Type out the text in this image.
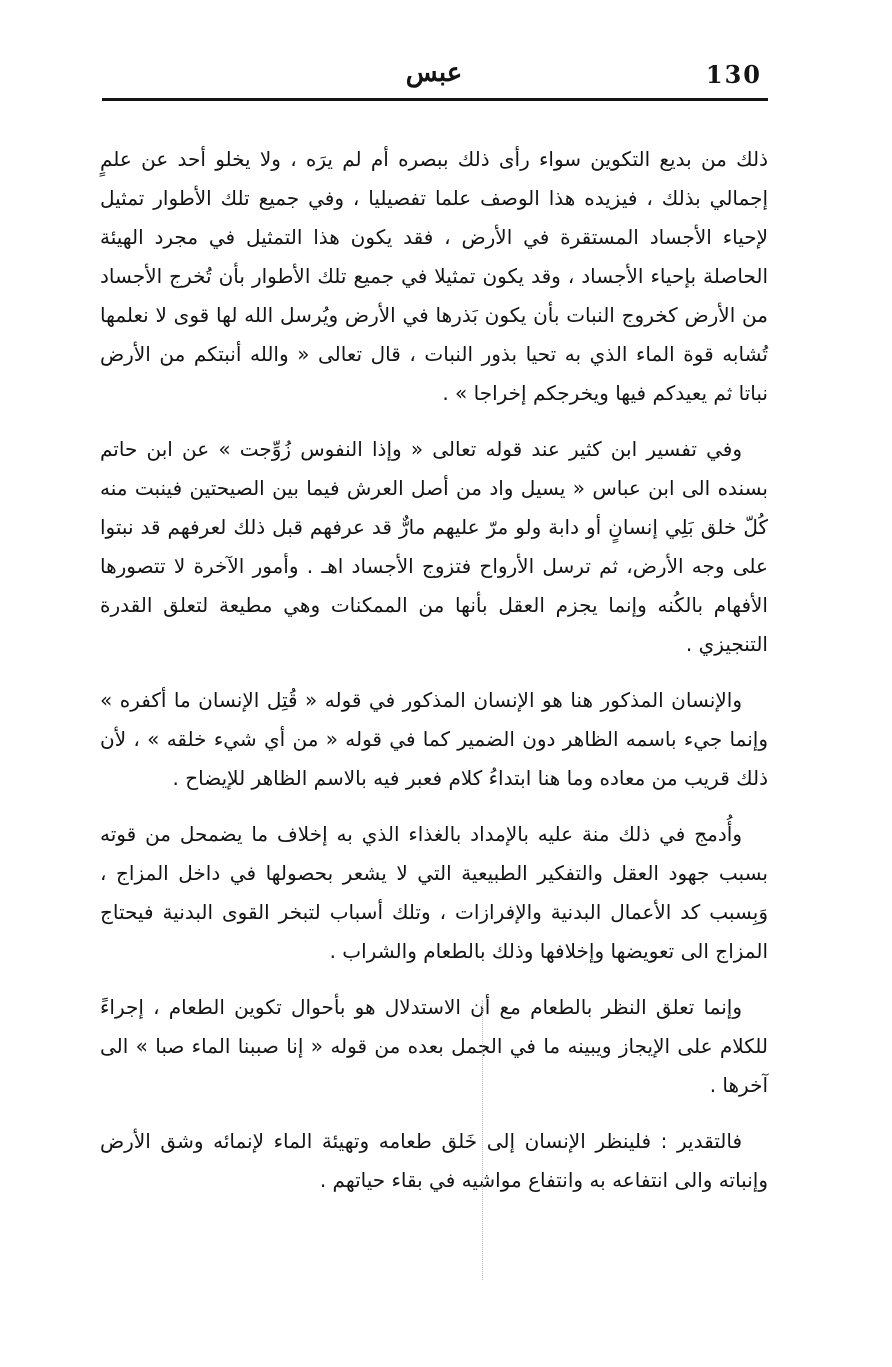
عبس	130

ذلك من بديع التكوين سواء رأى ذلك ببصره أم لم يرَه ، ولا يخلو أحد عن علمٍ إجمالي بذلك ، فيزيده هذا الوصف علما تفصيليا ، وفي جميع تلك الأطوار تمثيل لإحياء الأجساد المستقرة في الأرض ، فقد يكون هذا التمثيل في مجرد الهيئة الحاصلة بإحياء الأجساد ، وقد يكون تمثيلا في جميع تلك الأطوار بأن تُخرج الأجساد من الأرض كخروج النبات بأن يكون بَذرها في الأرض ويُرسل الله لها قوى لا نعلمها تُشابه قوة الماء الذي به تحيا بذور النبات ، قال تعالى « والله أنبتكم من الأرض نباتا ثم يعيدكم فيها ويخرجكم إخراجا » .

وفي تفسير ابن كثير عند قوله تعالى « وإذا النفوس زُوِّجت » عن ابن حاتم بسنده الى ابن عباس « يسيل واد من أصل العرش فيما بين الصيحتين فينبت منه كُلّ خلق بَلِي إنسانٍ أو دابة ولو مرّ عليهم مارٌّ قد عرفهم قبل ذلك لعرفهم قد نبتوا على وجه الأرض، ثم ترسل الأرواح فتزوج الأجساد اهـ . وأمور الآخرة لا تتصورها الأفهام بالكُنه وإنما يجزم العقل بأنها من الممكنات وهي مطيعة لتعلق القدرة التنجيزي .

والإنسان المذكور هنا هو الإنسان المذكور في قوله « قُتِل الإنسان ما أكفره » وإنما جيء باسمه الظاهر دون الضمير كما في قوله « من أي شيء خلقه » ، لأن ذلك قريب من معاده وما هنا ابتداءُ كلام فعبر فيه بالاسم الظاهر للإيضاح .

وأُدمج في ذلك منة عليه بالإمداد بالغذاء الذي به إخلاف ما يضمحل من قوته بسبب جهود العقل والتفكير الطبيعية التي لا يشعر بحصولها في داخل المزاج ، وَبِسبب كد الأعمال البدنية والإفرازات ، وتلك أسباب لتبخر القوى البدنية فيحتاج المزاج الى تعويضها وإخلافها وذلك بالطعام والشراب .

وإنما تعلق النظر بالطعام مع أن الاستدلال هو بأحوال تكوين الطعام ، إجراءً للكلام على الإيجاز ويبينه ما في الجمل بعده من قوله « إنا صببنا الماء صبا » الى آخرها .

فالتقدير : فلينظر الإنسان إلى خَلق طعامه وتهيئة الماء لإنمائه وشق الأرض وإنباته والى انتفاعه به وانتفاع مواشيه في بقاء حياتهم .
